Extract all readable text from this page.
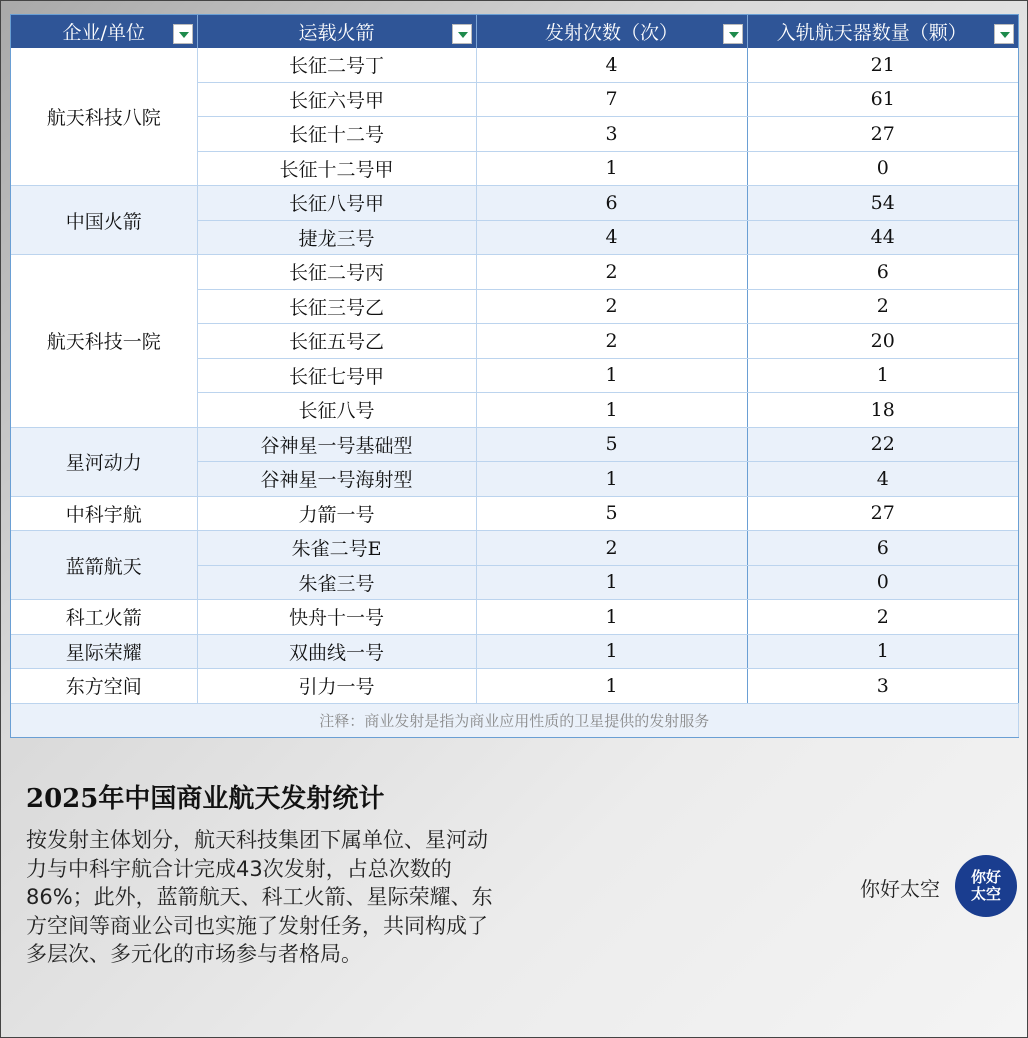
企业/单位	运载火箭	发射次数（次）	入轨航天器数量（颗）

航天科技八院	长征二号丁	4	21
	长征六号甲	7	61
	长征十二号	3	27
	长征十二号甲	1	0
中国火箭	长征八号甲	6	54
	捷龙三号	4	44
航天科技一院	长征二号丙	2	6
	长征三号乙	2	2
	长征五号乙	2	20
	长征七号甲	1	1
	长征八号	1	18
星河动力	谷神星一号基础型	5	22
	谷神星一号海射型	1	4
中科宇航	力箭一号	5	27
蓝箭航天	朱雀二号E	2	6
	朱雀三号	1	0
科工火箭	快舟十一号	1	2
星际荣耀	双曲线一号	1	1
东方空间	引力一号	1	3
注释：商业发射是指为商业应用性质的卫星提供的发射服务			
2025年中国商业航天发射统计
按发射主体划分，航天科技集团下属单位、星河动力与中科宇航合计完成43次发射，占总次数的86%；此外，蓝箭航天、科工火箭、星际荣耀、东方空间等商业公司也实施了发射任务，共同构成了多层次、多元化的市场参与者格局。
你好太空 你好
太空
